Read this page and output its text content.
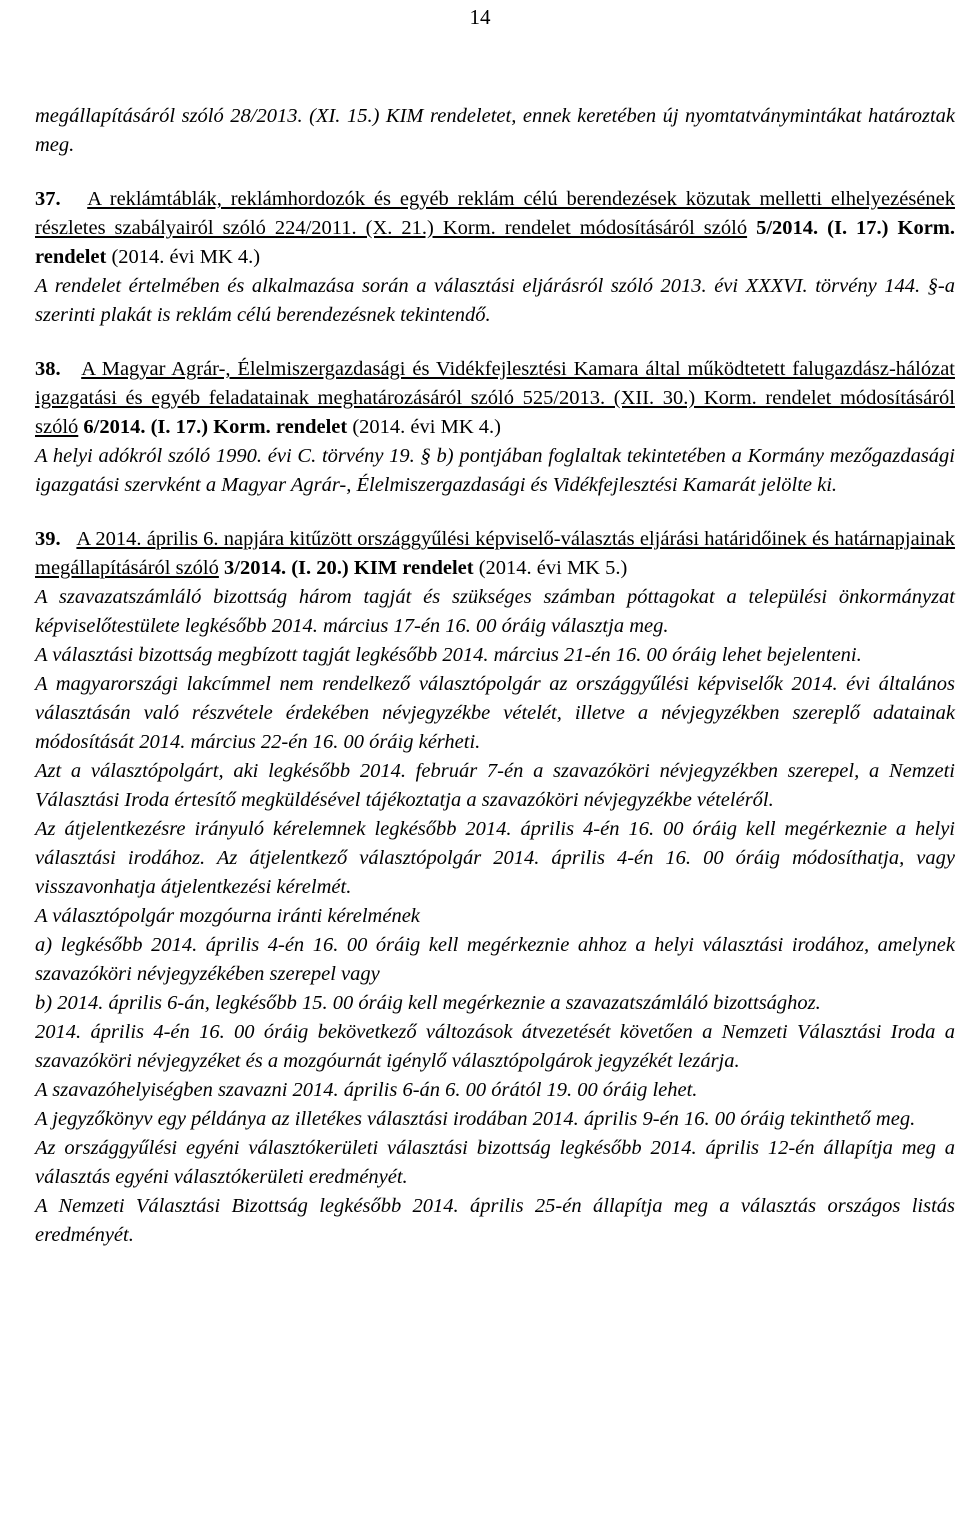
14

megállapításáról szóló 28/2013. (XI. 15.) KIM rendeletet, ennek keretében új nyomtatványmintákat határoztak meg.

37. A reklámtáblák, reklámhordozók és egyéb reklám célú berendezések közutak melletti elhelyezésének részletes szabályairól szóló 224/2011. (X. 21.) Korm. rendelet módosításáról szóló 5/2014. (I. 17.) Korm. rendelet (2014. évi MK 4.)

A rendelet értelmében és alkalmazása során a választási eljárásról szóló 2013. évi XXXVI. törvény 144. §-a szerinti plakát is reklám célú berendezésnek tekintendő.

38. A Magyar Agrár-, Élelmiszergazdasági és Vidékfejlesztési Kamara által működtetett falugazdász-hálózat igazgatási és egyéb feladatainak meghatározásáról szóló 525/2013. (XII. 30.) Korm. rendelet módosításáról szóló 6/2014. (I. 17.) Korm. rendelet (2014. évi MK 4.)

A helyi adókról szóló 1990. évi C. törvény 19. § b) pontjában foglaltak tekintetében a Kormány mezőgazdasági igazgatási szervként a Magyar Agrár-, Élelmiszergazdasági és Vidékfejlesztési Kamarát jelölte ki.

39. A 2014. április 6. napjára kitűzött országgyűlési képviselő-választás eljárási határidőinek és határnapjainak megállapításáról szóló 3/2014. (I. 20.) KIM rendelet (2014. évi MK 5.)

A szavazatszámláló bizottság három tagját és szükséges számban póttagokat a települési önkormányzat képviselőtestülete legkésőbb 2014. március 17-én 16. 00 óráig választja meg.

A választási bizottság megbízott tagját legkésőbb 2014. március 21-én 16. 00 óráig lehet bejelenteni.

A magyarországi lakcímmel nem rendelkező választópolgár az országgyűlési képviselők 2014. évi általános választásán való részvétele érdekében névjegyzékbe vételét, illetve a névjegyzékben szereplő adatainak módosítását 2014. március 22-én 16. 00 óráig kérheti.

Azt a választópolgárt, aki legkésőbb 2014. február 7-én a szavazóköri névjegyzékben szerepel, a Nemzeti Választási Iroda értesítő megküldésével tájékoztatja a szavazóköri névjegyzékbe vételéről.

Az átjelentkezésre irányuló kérelemnek legkésőbb 2014. április 4-én 16. 00 óráig kell megérkeznie a helyi választási irodához. Az átjelentkező választópolgár 2014. április 4-én 16. 00 óráig módosíthatja, vagy visszavonhatja átjelentkezési kérelmét.

A választópolgár mozgóurna iránti kérelmének

a) legkésőbb 2014. április 4-én 16. 00 óráig kell megérkeznie ahhoz a helyi választási irodához, amelynek szavazóköri névjegyzékében szerepel vagy

b) 2014. április 6-án, legkésőbb 15. 00 óráig kell megérkeznie a szavazatszámláló bizottsághoz.

2014. április 4-én 16. 00 óráig bekövetkező változások átvezetését követően a Nemzeti Választási Iroda a szavazóköri névjegyzéket és a mozgóurnát igénylő választópolgárok jegyzékét lezárja.

A szavazóhelyiségben szavazni 2014. április 6-án 6. 00 órától 19. 00 óráig lehet.

A jegyzőkönyv egy példánya az illetékes választási irodában 2014. április 9-én 16. 00 óráig tekinthető meg.

Az országgyűlési egyéni választókerületi választási bizottság legkésőbb 2014. április 12-én állapítja meg a választás egyéni választókerületi eredményét.

A Nemzeti Választási Bizottság legkésőbb 2014. április 25-én állapítja meg a választás országos listás eredményét.
